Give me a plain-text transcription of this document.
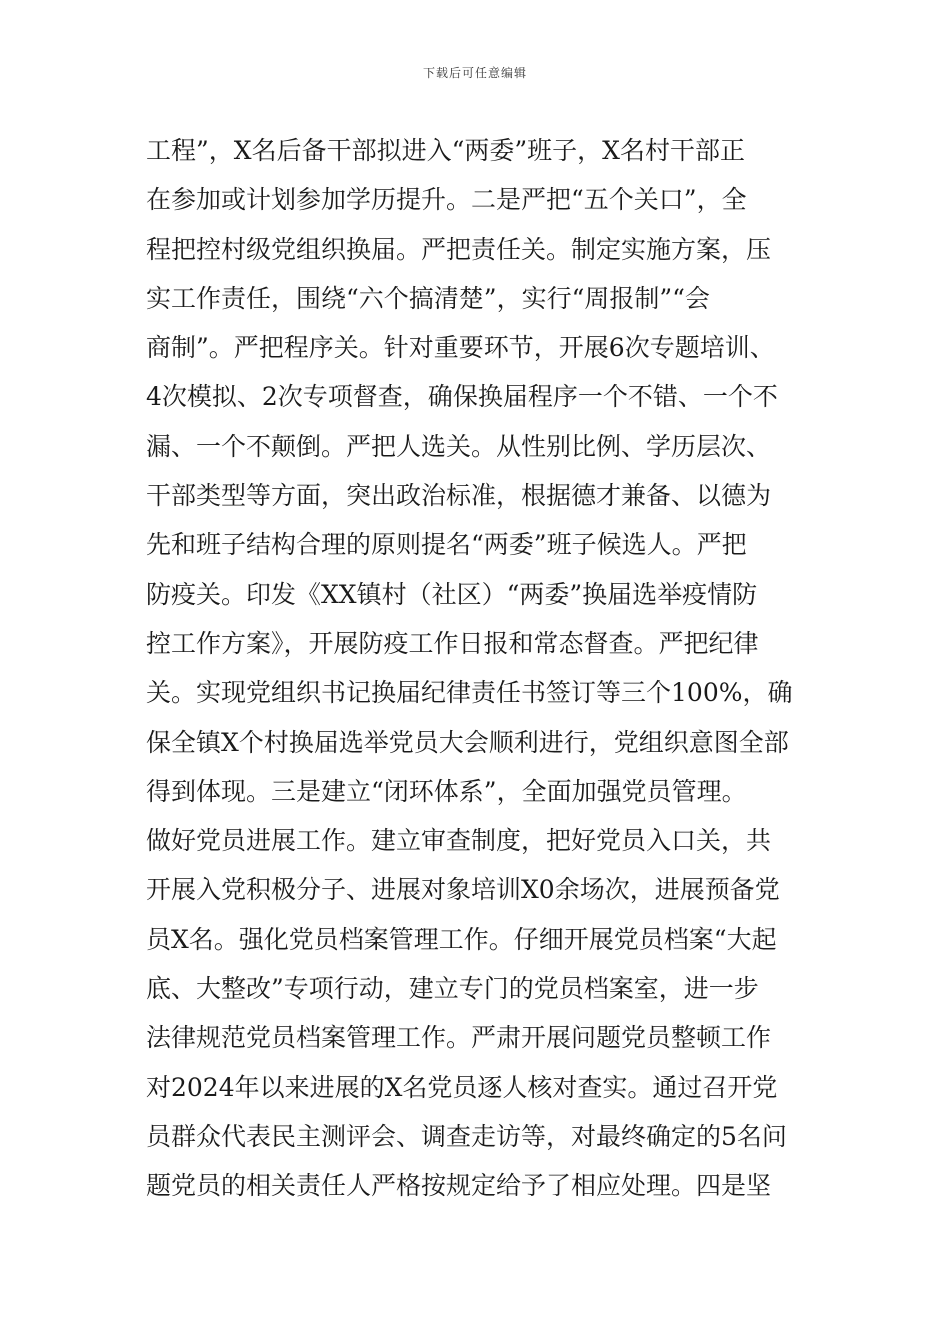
下载后可任意编辑
工程”，X名后备干部拟进入“两委”班子，X名村干部正
在参加或计划参加学历提升。二是严把“五个关口”，全
程把控村级党组织换届。严把责任关。制定实施方案，压
实工作责任，围绕“六个搞清楚”，实行“周报制”“会
商制”。严把程序关。针对重要环节，开展6次专题培训、
4次模拟、2次专项督查，确保换届程序一个不错、一个不
漏、一个不颠倒。严把人选关。从性别比例、学历层次、
干部类型等方面，突出政治标准，根据德才兼备、以德为
先和班子结构合理的原则提名“两委”班子候选人。严把
防疫关。印发《XX镇村（社区）“两委”换届选举疫情防
控工作方案》，开展防疫工作日报和常态督查。严把纪律
关。实现党组织书记换届纪律责任书签订等三个100%，确
保全镇X个村换届选举党员大会顺利进行，党组织意图全部
得到体现。三是建立“闭环体系”，全面加强党员管理。
做好党员进展工作。建立审查制度，把好党员入口关，共
开展入党积极分子、进展对象培训X0余场次，进展预备党
员X名。强化党员档案管理工作。仔细开展党员档案“大起
底、大整改”专项行动，建立专门的党员档案室，进一步
法律规范党员档案管理工作。严肃开展问题党员整顿工作
对2024年以来进展的X名党员逐人核对查实。通过召开党
员群众代表民主测评会、调查走访等，对最终确定的5名问
题党员的相关责任人严格按规定给予了相应处理。四是坚
